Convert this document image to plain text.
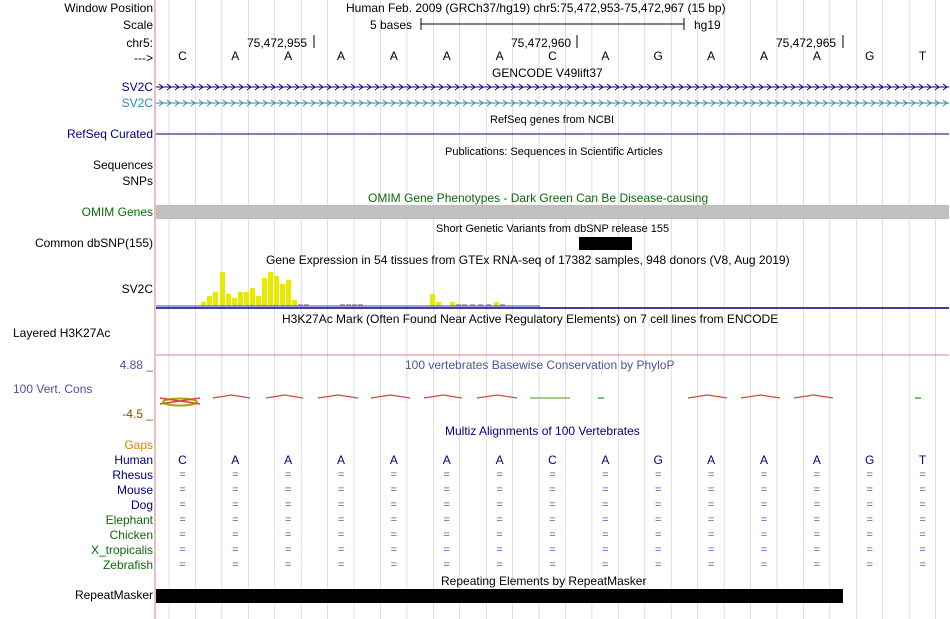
Window Position	Human Feb. 2009 (GRCh37/hg19) chr5:75,472,953-75,472,967 (15 bp)
Scale	5 bases	hg19
chr5:	75,472,955	75,472,960	75,472,965
--->	C	A	A	A	A	A	A	C	A	G	A	A	A	G	T
GENCODE V49lift37
SV2C
SV2C
RefSeq genes from NCBI
RefSeq Curated
Publications: Sequences in Scientific Articles
Sequences
SNPs
OMIM Gene Phenotypes - Dark Green Can Be Disease-causing
OMIM Genes
Short Genetic Variants from dbSNP release 155
Common dbSNP(155)
Gene Expression in 54 tissues from GTEx RNA-seq of 17382 samples, 948 donors (V8, Aug 2019)
SV2C
H3K27Ac Mark (Often Found Near Active Regulatory Elements) on 7 cell lines from ENCODE
Layered H3K27Ac
100 vertebrates Basewise Conservation by PhyloP
4.88 _
100 Vert. Cons
-4.5 _
Multiz Alignments of 100 Vertebrates
Gaps
Human	C	A	A	A	A	A	A	C	A	G	A	A	A	G	T
Rhesus	=	=	=	=	=	=	=	=	=	=	=	=	=	=	=
Mouse	=	=	=	=	=	=	=	=	=	=	=	=	=	=	=
Dog	=	=	=	=	=	=	=	=	=	=	=	=	=	=	=
Elephant	=	=	=	=	=	=	=	=	=	=	=	=	=	=	=
Chicken	=	=	=	=	=	=	=	=	=	=	=	=	=	=	=
X_tropicalis	=	=	=	=	=	=	=	=	=	=	=	=	=	=	=
Zebrafish	=	=	=	=	=	=	=	=	=	=	=	=	=	=	=
Repeating Elements by RepeatMasker
RepeatMasker
